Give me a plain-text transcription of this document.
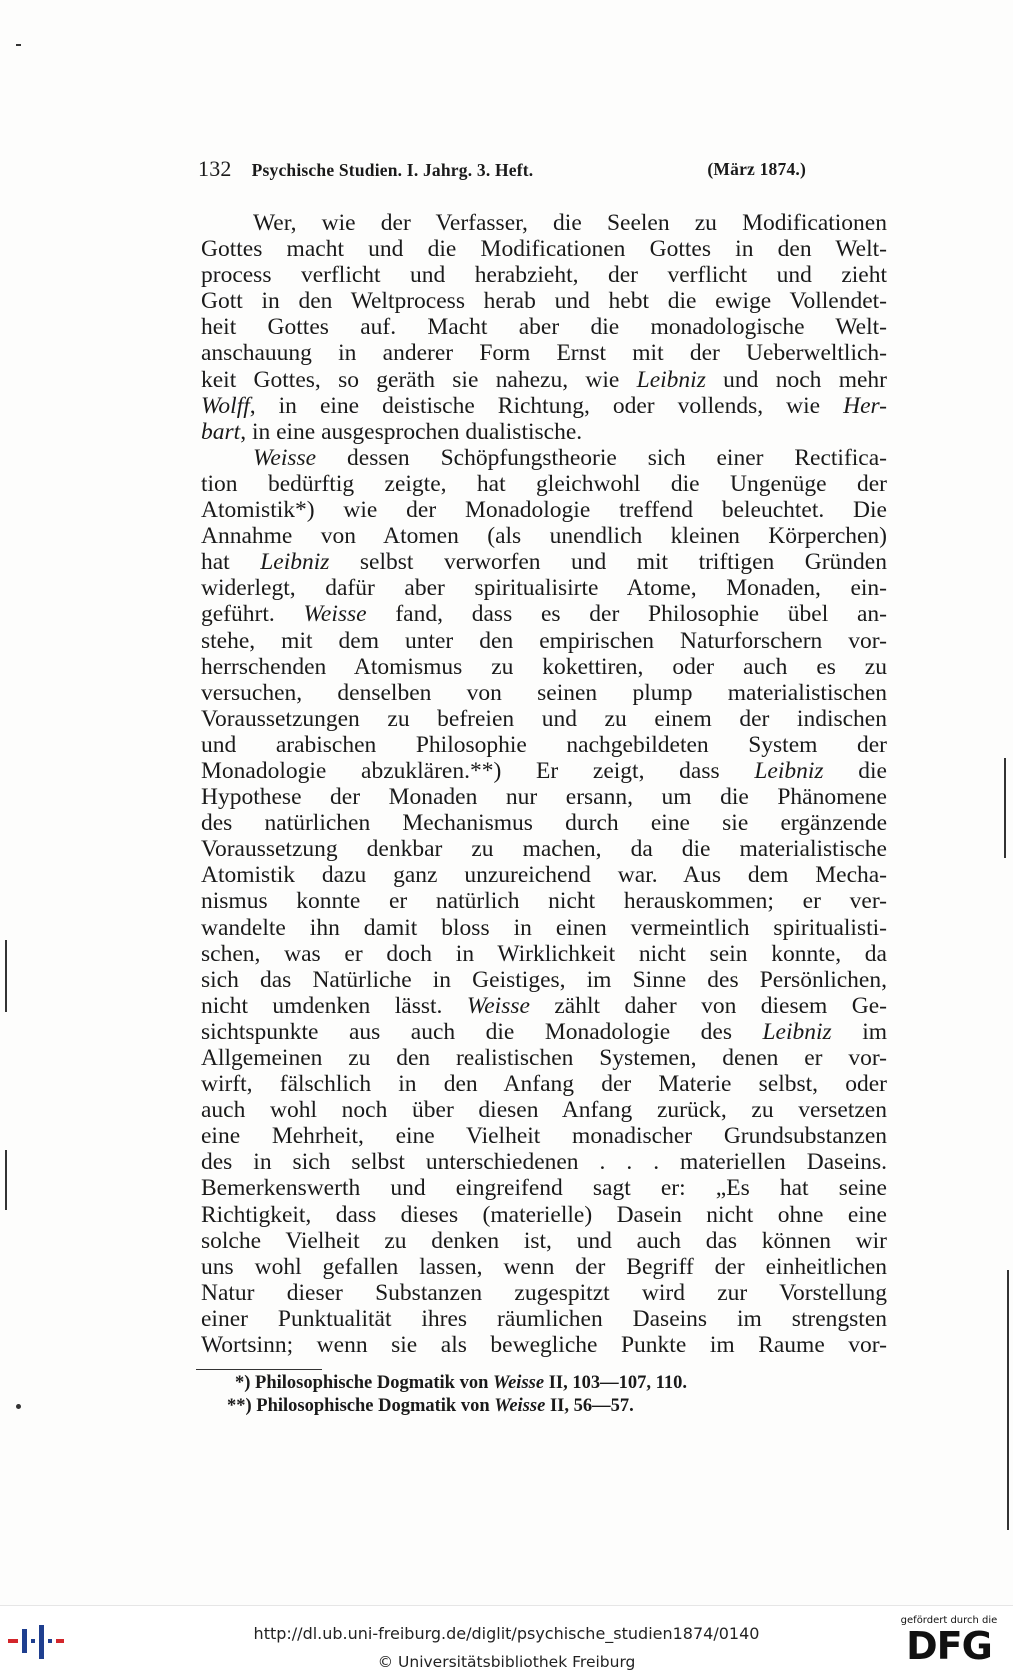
132 Psychische Studien. I. Jahrg. 3. Heft.	(März 1874.)
Wer, wie der Verfasser, die Seelen zu Modificationen
Gottes macht und die Modificationen Gottes in den Welt-
process verflicht und herabzieht, der verflicht und zieht
Gott in den Weltprocess herab und hebt die ewige Vollendet-
heit Gottes auf. Macht aber die monadologische Welt-
anschauung in anderer Form Ernst mit der Ueberweltlich-
keit Gottes, so geräth sie nahezu, wie Leibniz und noch mehr
Wolff, in eine deistische Richtung, oder vollends, wie Her-
bart, in eine ausgesprochen dualistische.
Weisse dessen Schöpfungstheorie sich einer Rectifica-
tion bedürftig zeigte, hat gleichwohl die Ungenüge der
Atomistik*) wie der Monadologie treffend beleuchtet. Die
Annahme von Atomen (als unendlich kleinen Körperchen)
hat Leibniz selbst verworfen und mit triftigen Gründen
widerlegt, dafür aber spiritualisirte Atome, Monaden, ein-
geführt. Weisse fand, dass es der Philosophie übel an-
stehe, mit dem unter den empirischen Naturforschern vor-
herrschenden Atomismus zu kokettiren, oder auch es zu
versuchen, denselben von seinen plump materialistischen
Voraussetzungen zu befreien und zu einem der indischen
und arabischen Philosophie nachgebildeten System der
Monadologie abzuklären.**) Er zeigt, dass Leibniz die
Hypothese der Monaden nur ersann, um die Phänomene
des natürlichen Mechanismus durch eine sie ergänzende
Voraussetzung denkbar zu machen, da die materialistische
Atomistik dazu ganz unzureichend war. Aus dem Mecha-
nismus konnte er natürlich nicht herauskommen; er ver-
wandelte ihn damit bloss in einen vermeintlich spiritualisti-
schen, was er doch in Wirklichkeit nicht sein konnte, da
sich das Natürliche in Geistiges, im Sinne des Persönlichen,
nicht umdenken lässt. Weisse zählt daher von diesem Ge-
sichtspunkte aus auch die Monadologie des Leibniz im
Allgemeinen zu den realistischen Systemen, denen er vor-
wirft, fälschlich in den Anfang der Materie selbst, oder
auch wohl noch über diesen Anfang zurück, zu versetzen
eine Mehrheit, eine Vielheit monadischer Grundsubstanzen
des in sich selbst unterschiedenen . . . materiellen Daseins.
Bemerkenswerth und eingreifend sagt er: „Es hat seine
Richtigkeit, dass dieses (materielle) Dasein nicht ohne eine
solche Vielheit zu denken ist, und auch das können wir
uns wohl gefallen lassen, wenn der Begriff der einheitlichen
Natur dieser Substanzen zugespitzt wird zur Vorstellung
einer Punktualität ihres räumlichen Daseins im strengsten
Wortsinn; wenn sie als bewegliche Punkte im Raume vor-
*) Philosophische Dogmatik von Weisse II, 103—107, 110.
**) Philosophische Dogmatik von Weisse II, 56—57.
http://dl.ub.uni-freiburg.de/diglit/psychische_studien1874/0140
© Universitätsbibliothek Freiburg
gefördert durch die
DFG
